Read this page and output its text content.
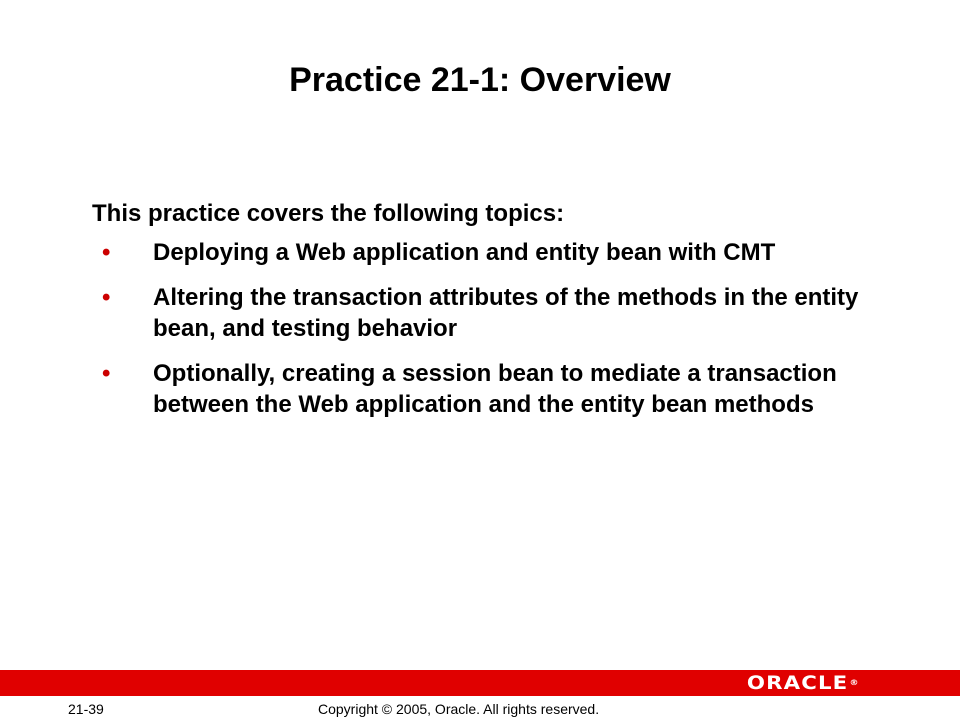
Practice 21-1: Overview
This practice covers the following topics:
•	Deploying a Web application and entity bean with CMT
•	Altering the transaction attributes of the methods in the entity bean, and testing behavior
•	Optionally, creating a session bean to mediate a transaction between the Web application and the entity bean methods
ORACLE®
21-39	Copyright © 2005, Oracle. All rights reserved.
